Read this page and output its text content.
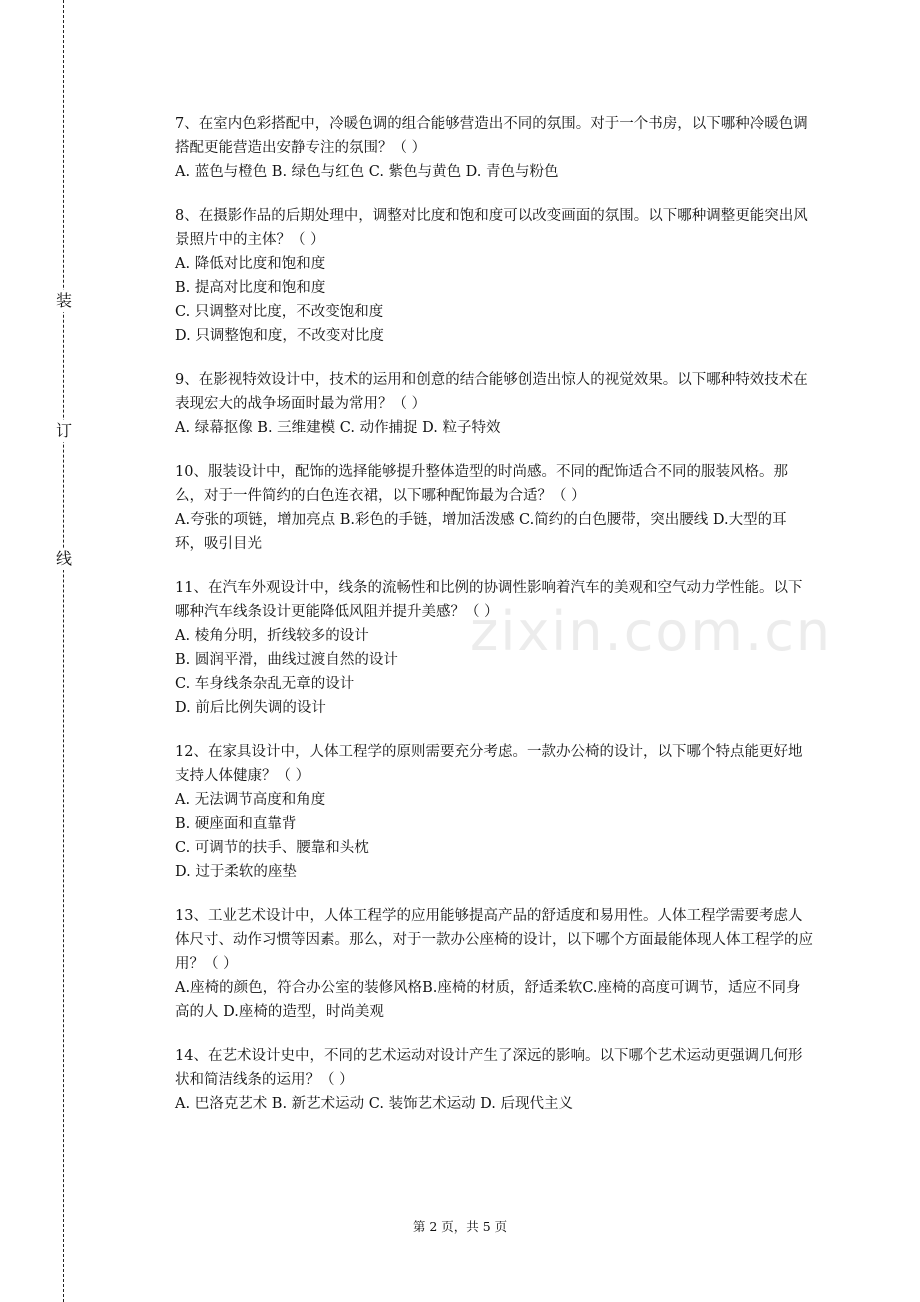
装
订
线
zixin.com.cn

7、在室内色彩搭配中，冷暖色调的组合能够营造出不同的氛围。对于一个书房，以下哪种冷暖色调搭配更能营造出安静专注的氛围？（ ）

A. 蓝色与橙色 B. 绿色与红色 C. 紫色与黄色 D. 青色与粉色

8、在摄影作品的后期处理中，调整对比度和饱和度可以改变画面的氛围。以下哪种调整更能突出风景照片中的主体？（ ）

A. 降低对比度和饱和度

B. 提高对比度和饱和度

C. 只调整对比度，不改变饱和度

D. 只调整饱和度，不改变对比度

9、在影视特效设计中，技术的运用和创意的结合能够创造出惊人的视觉效果。以下哪种特效技术在表现宏大的战争场面时最为常用？（ ）

A. 绿幕抠像 B. 三维建模 C. 动作捕捉 D. 粒子特效

10、服装设计中，配饰的选择能够提升整体造型的时尚感。不同的配饰适合不同的服装风格。那么，对于一件简约的白色连衣裙，以下哪种配饰最为合适？（ ）

A.夸张的项链，增加亮点 B.彩色的手链，增加活泼感 C.简约的白色腰带，突出腰线 D.大型的耳环，吸引目光

11、在汽车外观设计中，线条的流畅性和比例的协调性影响着汽车的美观和空气动力学性能。以下哪种汽车线条设计更能降低风阻并提升美感？（ ）

A. 棱角分明，折线较多的设计

B. 圆润平滑，曲线过渡自然的设计

C. 车身线条杂乱无章的设计

D. 前后比例失调的设计

12、在家具设计中，人体工程学的原则需要充分考虑。一款办公椅的设计，以下哪个特点能更好地支持人体健康？（ ）

A. 无法调节高度和角度

B. 硬座面和直靠背

C. 可调节的扶手、腰靠和头枕

D. 过于柔软的座垫

13、工业艺术设计中，人体工程学的应用能够提高产品的舒适度和易用性。人体工程学需要考虑人体尺寸、动作习惯等因素。那么，对于一款办公座椅的设计，以下哪个方面最能体现人体工程学的应用？（ ）

A.座椅的颜色，符合办公室的装修风格B.座椅的材质，舒适柔软C.座椅的高度可调节，适应不同身高的人 D.座椅的造型，时尚美观

14、在艺术设计史中，不同的艺术运动对设计产生了深远的影响。以下哪个艺术运动更强调几何形状和简洁线条的运用？（ ）

A. 巴洛克艺术 B. 新艺术运动 C. 装饰艺术运动 D. 后现代主义

第 2 页，共 5 页
